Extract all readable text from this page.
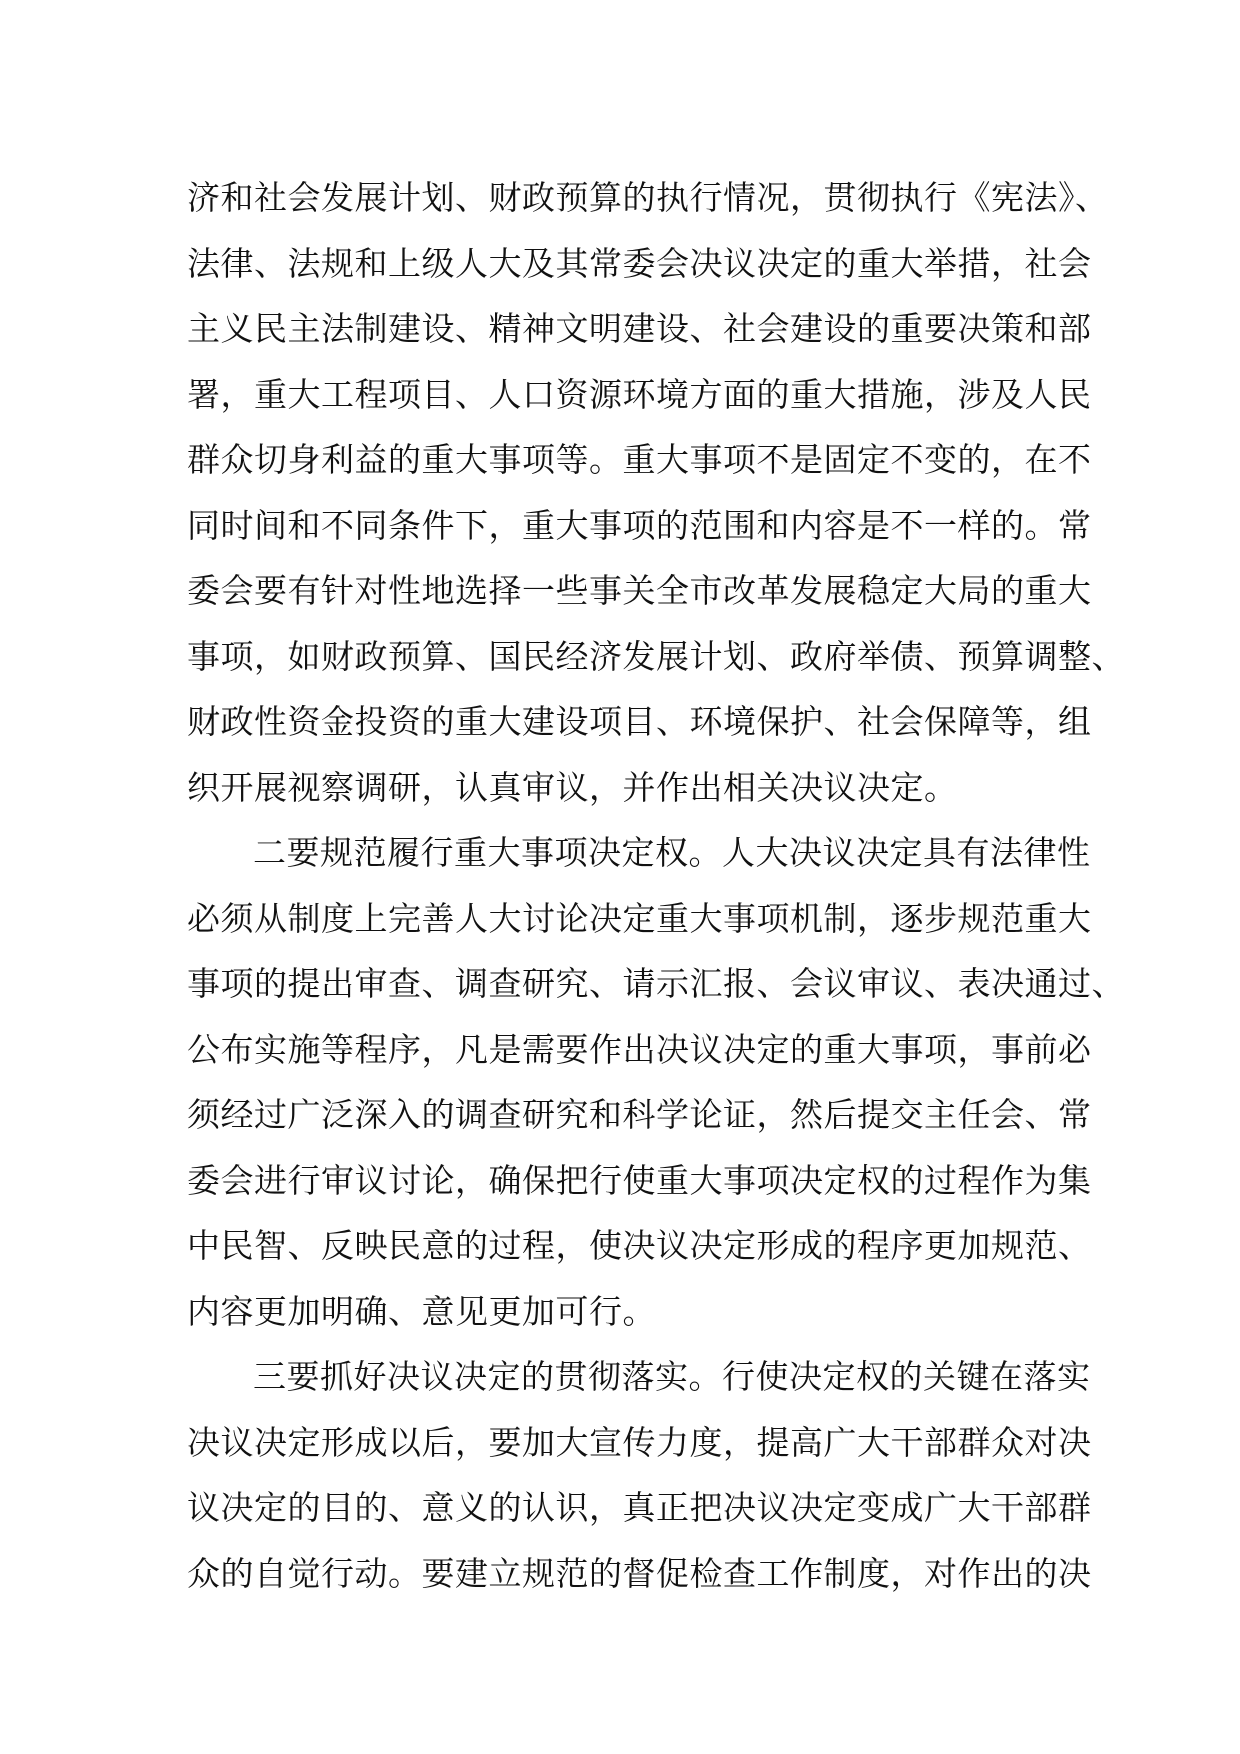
济和社会发展计划、财政预算的执行情况，贯彻执行《宪法》、
法律、法规和上级人大及其常委会决议决定的重大举措，社会
主义民主法制建设、精神文明建设、社会建设的重要决策和部
署，重大工程项目、人口资源环境方面的重大措施，涉及人民
群众切身利益的重大事项等。重大事项不是固定不变的，在不
同时间和不同条件下，重大事项的范围和内容是不一样的。常
委会要有针对性地选择一些事关全市改革发展稳定大局的重大
事项，如财政预算、国民经济发展计划、政府举债、预算调整、
财政性资金投资的重大建设项目、环境保护、社会保障等，组
织开展视察调研，认真审议，并作出相关决议决定。
二要规范履行重大事项决定权。人大决议决定具有法律性
必须从制度上完善人大讨论决定重大事项机制，逐步规范重大
事项的提出审查、调查研究、请示汇报、会议审议、表决通过、
公布实施等程序，凡是需要作出决议决定的重大事项，事前必
须经过广泛深入的调查研究和科学论证，然后提交主任会、常
委会进行审议讨论，确保把行使重大事项决定权的过程作为集
中民智、反映民意的过程，使决议决定形成的程序更加规范、
内容更加明确、意见更加可行。
三要抓好决议决定的贯彻落实。行使决定权的关键在落实
决议决定形成以后，要加大宣传力度，提高广大干部群众对决
议决定的目的、意义的认识，真正把决议决定变成广大干部群
众的自觉行动。要建立规范的督促检查工作制度，对作出的决
